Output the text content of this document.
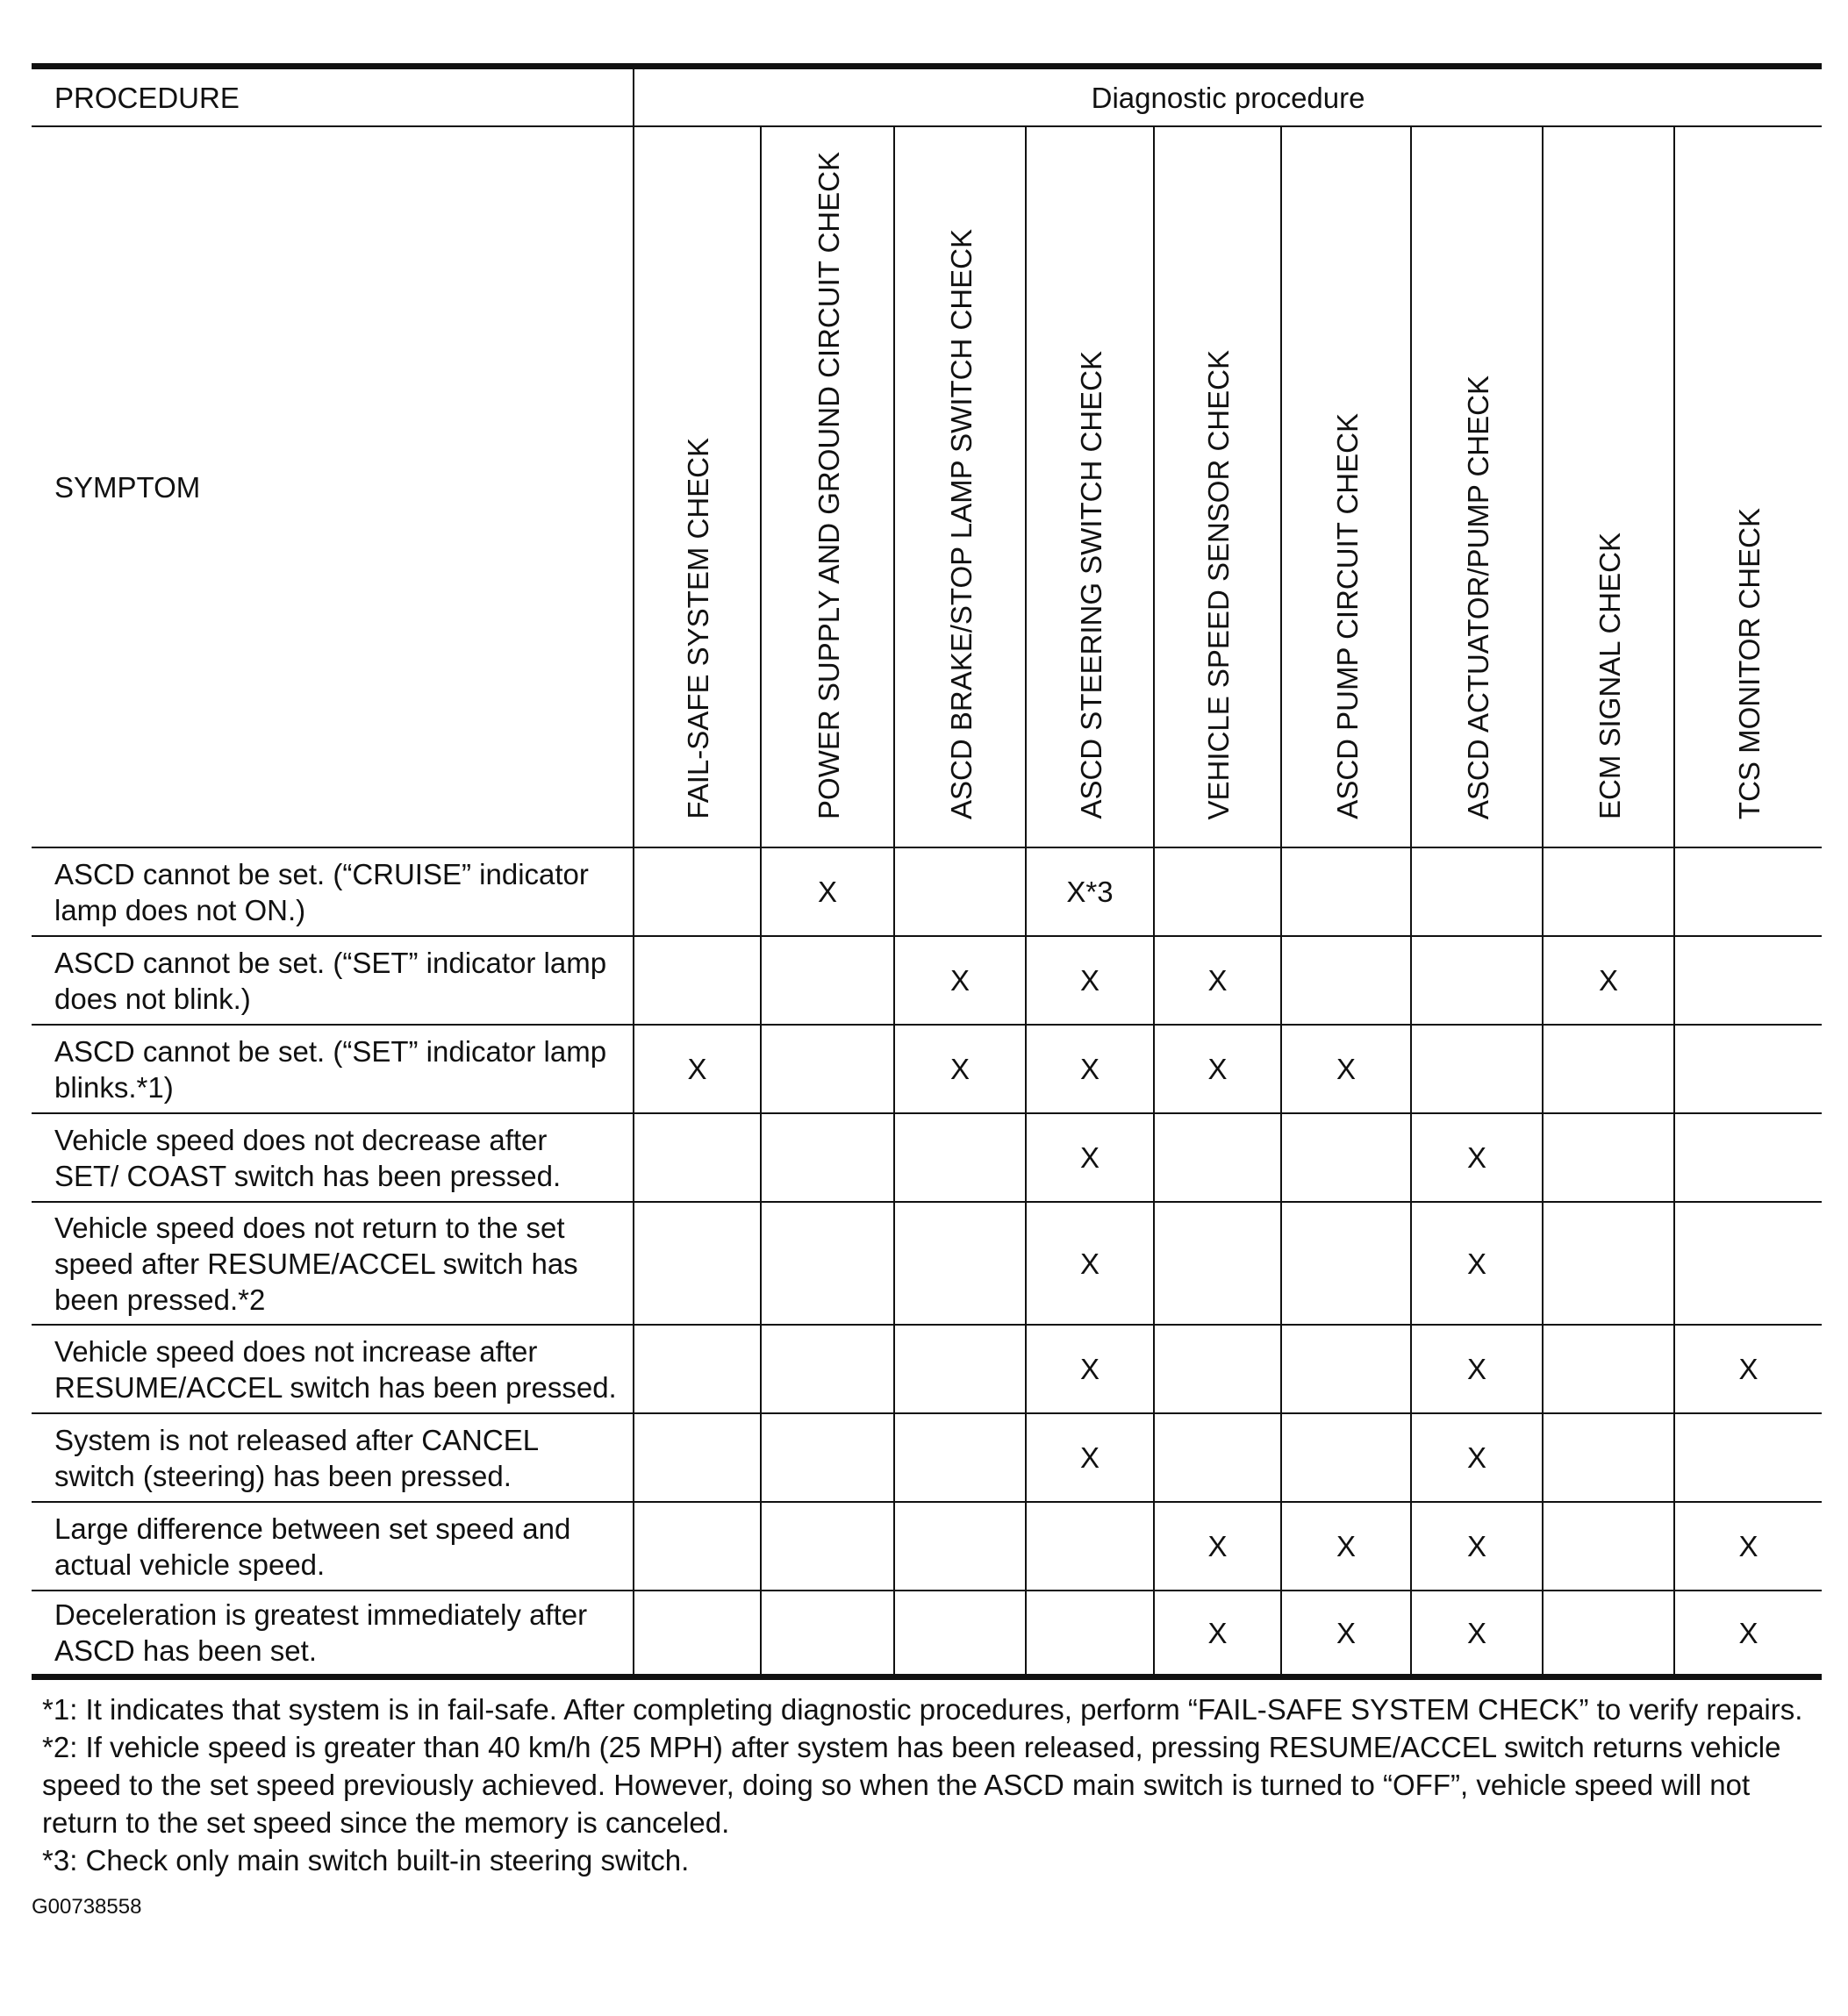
PROCEDURE	Diagnostic procedure								
SYMPTOM	FAIL-SAFE SYSTEM CHECK	POWER SUPPLY AND GROUND CIRCUIT CHECK	ASCD BRAKE/STOP LAMP SWITCH CHECK	ASCD STEERING SWITCH CHECK	VEHICLE SPEED SENSOR CHECK	ASCD PUMP CIRCUIT CHECK	ASCD ACTUATOR/PUMP CHECK	ECM SIGNAL CHECK	TCS MONITOR CHECK
ASCD cannot be set. (“CRUISE” indicator lamp does not ON.)		X		X*3					
ASCD cannot be set. (“SET” indicator lamp does not blink.)			X	X	X			X	
ASCD cannot be set. (“SET” indicator lamp blinks.*1)	X		X	X	X	X			
Vehicle speed does not decrease after SET/ COAST switch has been pressed.				X			X		
Vehicle speed does not return to the set speed after RESUME/ACCEL switch has been pressed.*2				X			X		
Vehicle speed does not increase after RESUME/ACCEL switch has been pressed.				X			X		X
System is not released after CANCEL switch (steering) has been pressed.				X			X		
Large difference between set speed and actual vehicle speed.					X	X	X		X
Deceleration is greatest immediately after ASCD has been set.					X	X	X		X

*1: It indicates that system is in fail-safe. After completing diagnostic procedures, perform “FAIL-SAFE SYSTEM CHECK” to verify repairs.

*2: If vehicle speed is greater than 40 km/h (25 MPH) after system has been released, pressing RESUME/ACCEL switch returns vehicle speed to the set speed previously achieved. However, doing so when the ASCD main switch is turned to “OFF”, vehicle speed will not return to the set speed since the memory is canceled.

*3: Check only main switch built-in steering switch.

G00738558
